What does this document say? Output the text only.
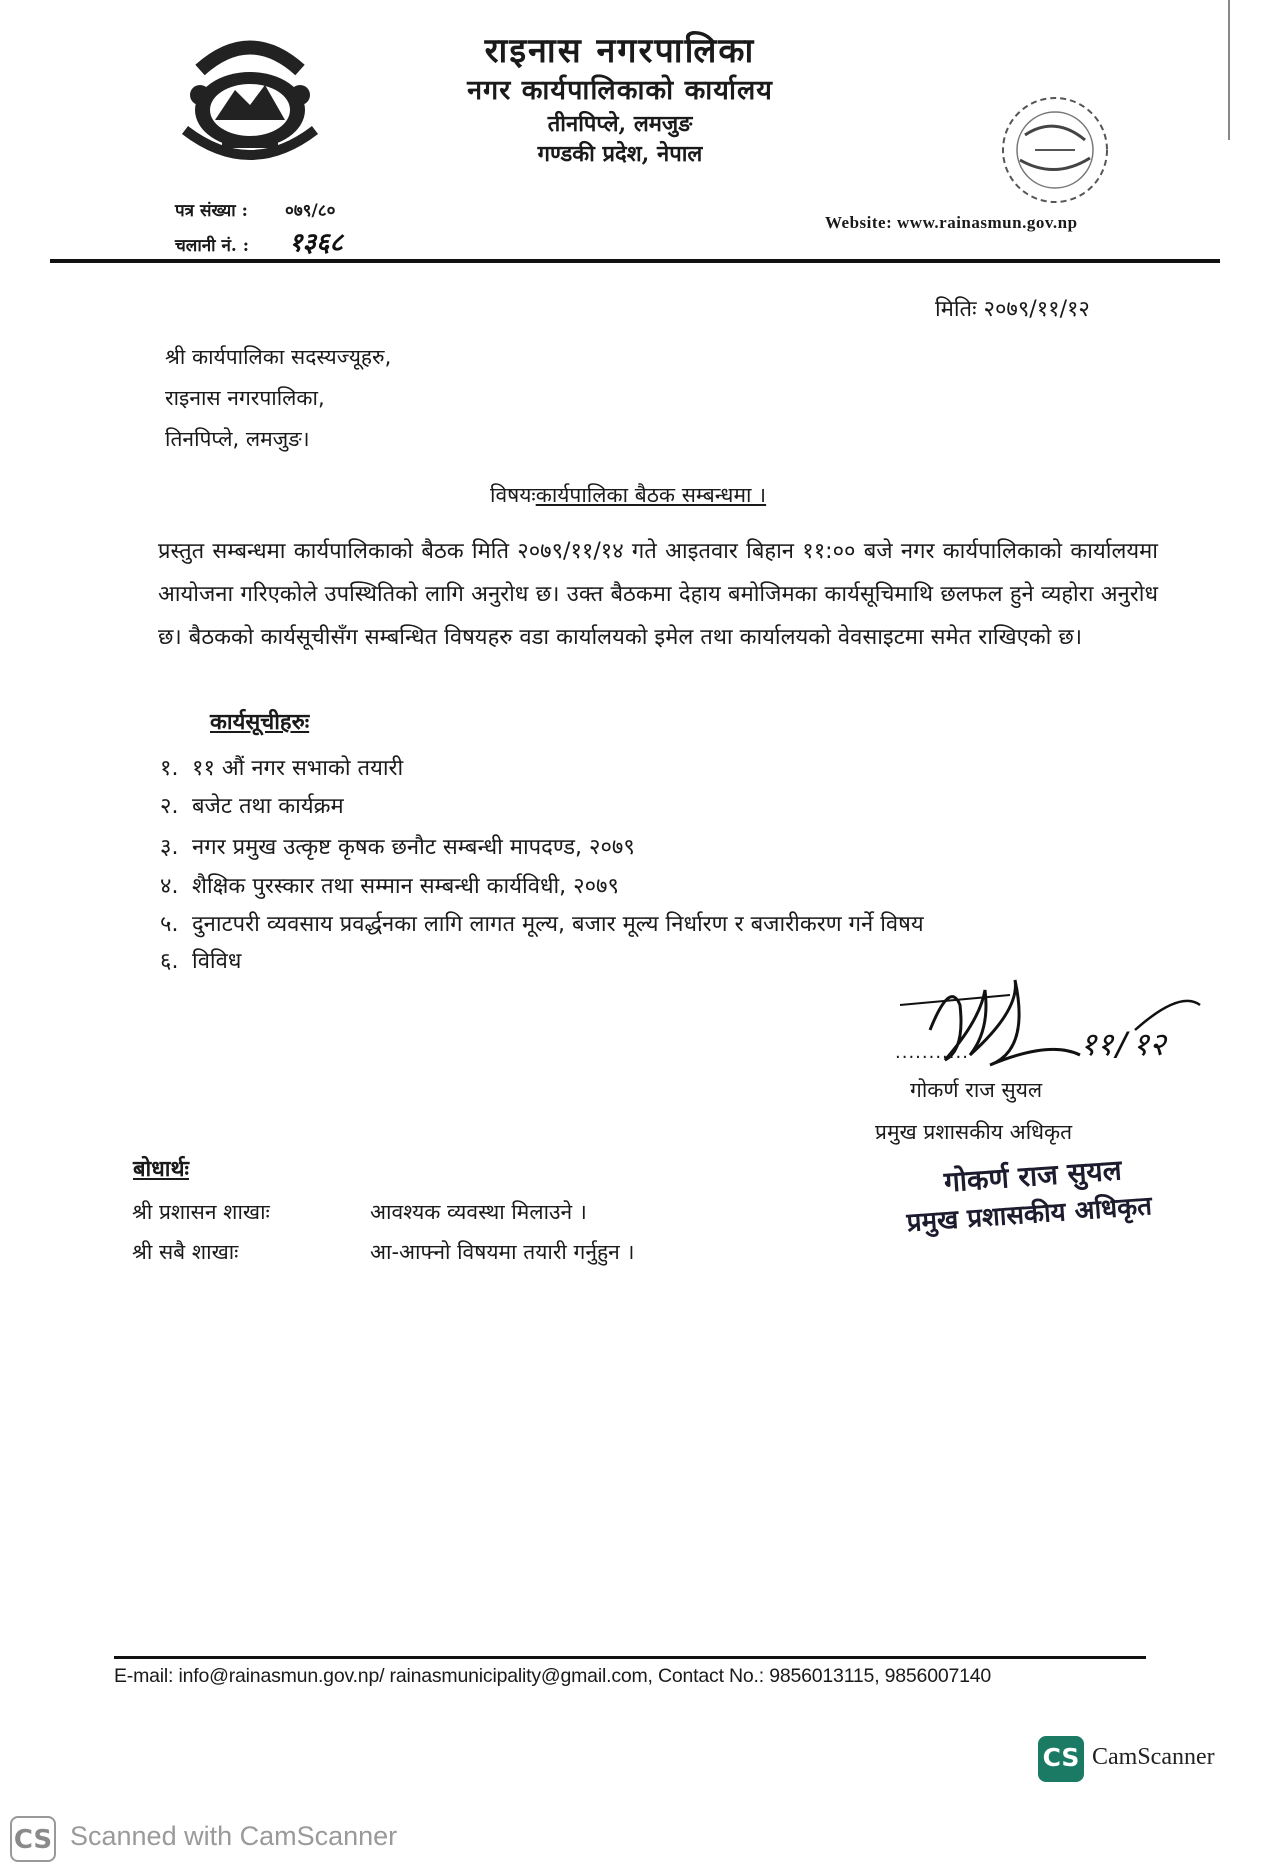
राइनास नगरपालिका
नगर कार्यपालिकाको कार्यालय
तीनपिप्ले, लमजुङ
गण्डकी प्रदेश, नेपाल
पत्र संख्या : ०७९/८०
चलानी नं. : १३६८
Website: www.rainasmun.gov.np
मितिः २०७९/११/१२
श्री कार्यपालिका सदस्यज्यूहरु,
राइनास नगरपालिका,
तिनपिप्ले, लमजुङ।
विषयःकार्यपालिका बैठक सम्बन्धमा ।
प्रस्तुत सम्बन्धमा कार्यपालिकाको बैठक मिति २०७९/११/१४ गते आइतवार बिहान ११:०० बजे नगर कार्यपालिकाको कार्यालयमा आयोजना गरिएकोले उपस्थितिको लागि अनुरोध छ। उक्त बैठकमा देहाय बमोजिमका कार्यसूचिमाथि छलफल हुने व्यहोरा अनुरोध छ। बैठकको कार्यसूचीसँग सम्बन्धित विषयहरु वडा कार्यालयको इमेल तथा कार्यालयको वेवसाइटमा समेत राखिएको छ।
कार्यसूचीहरुः
१. ११ औं नगर सभाको तयारी
२. बजेट तथा कार्यक्रम
३. नगर प्रमुख उत्कृष्ट कृषक छनौट सम्बन्धी मापदण्ड, २०७९
४. शैक्षिक पुरस्कार तथा सम्मान सम्बन्धी कार्यविधी, २०७९
५. दुनाटपरी व्यवसाय प्रवर्द्धनका लागि लागत मूल्य, बजार मूल्य निर्धारण र बजारीकरण गर्ने विषय
६. विविध
११/१२
...........
गोकर्ण राज सुयल
प्रमुख प्रशासकीय अधिकृत
गोकर्ण राज सुयल
प्रमुख प्रशासकीय अधिकृत
बोधार्थः
श्री प्रशासन शाखाः	आवश्यक व्यवस्था मिलाउने ।
श्री सबै शाखाः	आ-आफ्नो विषयमा तयारी गर्नुहुन ।
E-mail: info@rainasmun.gov.np/ rainasmunicipality@gmail.com, Contact No.: 9856013115, 9856007140
CS CamScanner
CS Scanned with CamScanner
